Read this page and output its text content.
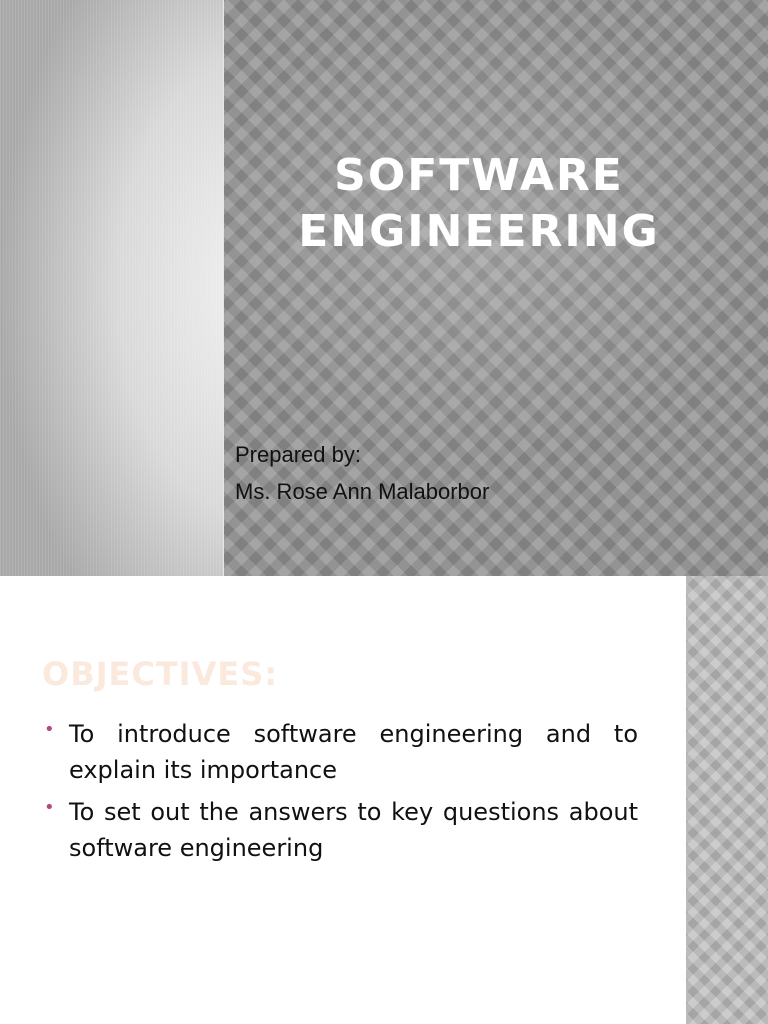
SOFTWARE
ENGINEERING
Prepared by:
Ms. Rose Ann Malaborbor
OBJECTIVES:
• To introduce software engineering and to explain its importance
• To set out the answers to key questions about software engineering
